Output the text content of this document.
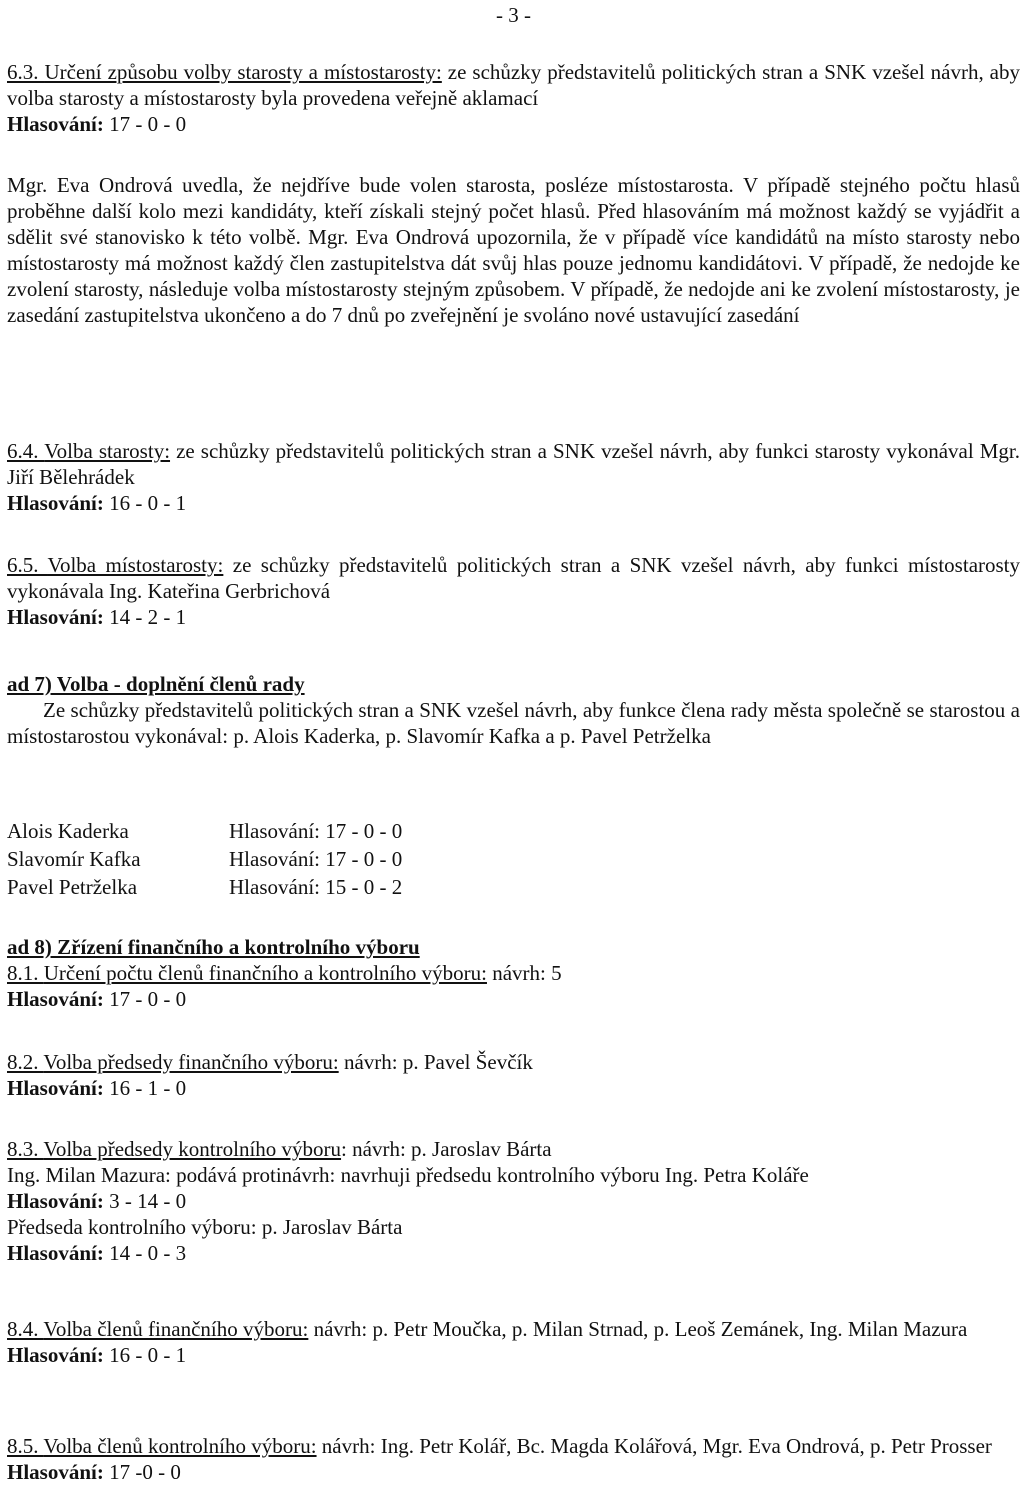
- 3 -

6.3. Určení způsobu volby starosty a místostarosty: ze schůzky představitelů politických stran a SNK vzešel návrh, aby volba starosty a místostarosty byla provedena veřejně aklamací

Hlasování: 17 - 0 - 0

Mgr. Eva Ondrová uvedla, že nejdříve bude volen starosta, posléze místostarosta. V případě stejného počtu hlasů proběhne další kolo mezi kandidáty, kteří získali stejný počet hlasů. Před hlasováním má možnost každý se vyjádřit a sdělit své stanovisko k této volbě. Mgr. Eva Ondrová upozornila, že v případě více kandidátů na místo starosty nebo místostarosty má možnost každý člen zastupitelstva dát svůj hlas pouze jednomu kandidátovi. V případě, že nedojde ke zvolení starosty, následuje volba místostarosty stejným způsobem. V případě, že nedojde ani ke zvolení místostarosty, je zasedání zastupitelstva ukončeno a do 7 dnů po zveřejnění je svoláno nové ustavující zasedání

6.4. Volba starosty: ze schůzky představitelů politických stran a SNK vzešel návrh, aby funkci starosty vykonával Mgr. Jiří Bělehrádek

Hlasování: 16 - 0 - 1

6.5. Volba místostarosty: ze schůzky představitelů politických stran a SNK vzešel návrh, aby funkci místostarosty vykonávala Ing. Kateřina Gerbrichová

Hlasování: 14 - 2 - 1

ad 7) Volba - doplnění členů rady

Ze schůzky představitelů politických stran a SNK vzešel návrh, aby funkce člena rady města společně se starostou a místostarostou vykonával: p. Alois Kaderka, p. Slavomír Kafka a p. Pavel Petrželka

Alois Kaderka	Hlasování: 17 - 0 - 0
Slavomír Kafka	Hlasování: 17 - 0 - 0
Pavel Petrželka	Hlasování: 15 - 0 - 2

ad 8) Zřízení finančního a kontrolního výboru

8.1. Určení počtu členů finančního a kontrolního výboru: návrh: 5

Hlasování: 17 - 0 - 0

8.2. Volba předsedy finančního výboru: návrh: p. Pavel Ševčík

Hlasování: 16 - 1 - 0

8.3. Volba předsedy kontrolního výboru: návrh: p. Jaroslav Bárta

Ing. Milan Mazura: podává protinávrh: navrhuji předsedu kontrolního výboru Ing. Petra Koláře

Hlasování: 3 - 14 - 0

Předseda kontrolního výboru: p. Jaroslav Bárta

Hlasování: 14 - 0 - 3

8.4. Volba členů finančního výboru: návrh: p. Petr Moučka, p. Milan Strnad, p. Leoš Zemánek, Ing. Milan Mazura

Hlasování: 16 - 0 - 1

8.5. Volba členů kontrolního výboru: návrh: Ing. Petr Kolář, Bc. Magda Kolářová, Mgr. Eva Ondrová, p. Petr Prosser

Hlasování: 17 -0 - 0
